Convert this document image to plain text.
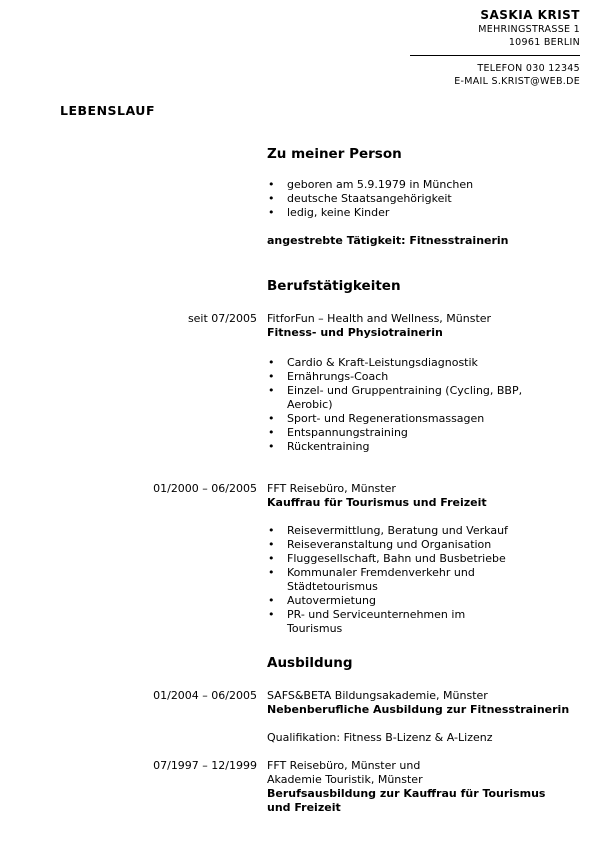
SASKIA KRIST
MEHRINGSTRASSE 1
10961 BERLIN
TELEFON 030 12345
E-MAIL S.KRIST@WEB.DE
LEBENSLAUF
Zu meiner Person
• geboren am 5.9.1979 in München
• deutsche Staatsangehörigkeit
• ledig, keine Kinder
angestrebte Tätigkeit: Fitnesstrainerin
Berufstätigkeiten
seit 07/2005 FitforFun – Health and Wellness, Münster
Fitness- und Physiotrainerin
• Cardio & Kraft-Leistungsdiagnostik
• Ernährungs-Coach
• Einzel- und Gruppentraining (Cycling, BBP, Aerobic)
• Sport- und Regenerationsmassagen
• Entspannungstraining
• Rückentraining
01/2000 – 06/2005 FFT Reisebüro, Münster
Kauffrau für Tourismus und Freizeit
• Reisevermittlung, Beratung und Verkauf
• Reiseveranstaltung und Organisation
• Fluggesellschaft, Bahn und Busbetriebe
• Kommunaler Fremdenverkehr und Städtetourismus
• Autovermietung
• PR- und Serviceunternehmen im Tourismus
Ausbildung
01/2004 – 06/2005 SAFS&BETA Bildungsakademie, Münster
Nebenberufliche Ausbildung zur Fitnesstrainerin
Qualifikation: Fitness B-Lizenz & A-Lizenz
07/1997 – 12/1999 FFT Reisebüro, Münster und
Akademie Touristik, Münster
Berufsausbildung zur Kauffrau für Tourismus und Freizeit
